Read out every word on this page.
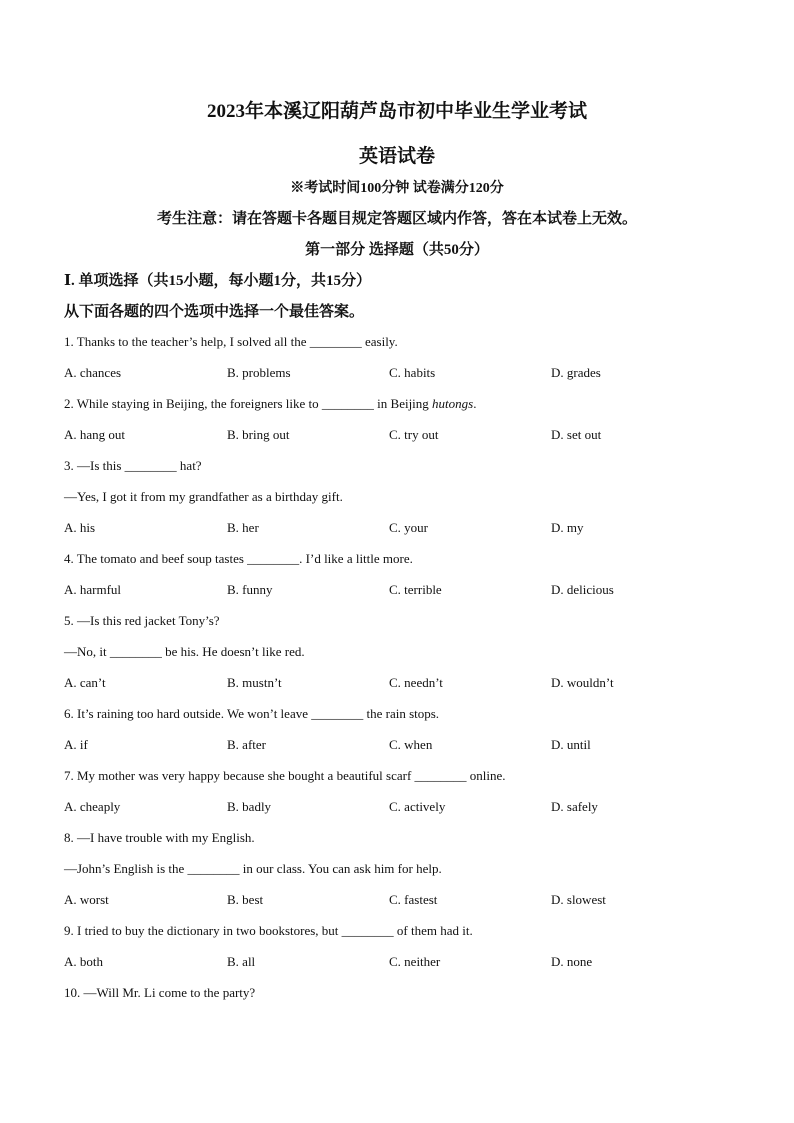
2023年本溪辽阳葫芦岛市初中毕业生学业考试
英语试卷
※考试时间100分钟 试卷满分120分
考生注意：请在答题卡各题目规定答题区域内作答，答在本试卷上无效。
第一部分 选择题（共50分）
Ⅰ. 单项选择（共15小题，每小题1分，共15分）
从下面各题的四个选项中选择一个最佳答案。
1. Thanks to the teacher’s help, I solved all the ________ easily.
A. chances	B. problems	C. habits	D. grades
2. While staying in Beijing, the foreigners like to ________ in Beijing hutongs.
A. hang out	B. bring out	C. try out	D. set out
3. —Is this ________ hat?
—Yes, I got it from my grandfather as a birthday gift.
A. his	B. her	C. your	D. my
4. The tomato and beef soup tastes ________. I’d like a little more.
A. harmful	B. funny	C. terrible	D. delicious
5. —Is this red jacket Tony’s?
—No, it ________ be his. He doesn’t like red.
A. can’t	B. mustn’t	C. needn’t	D. wouldn’t
6. It’s raining too hard outside. We won’t leave ________ the rain stops.
A. if	B. after	C. when	D. until
7. My mother was very happy because she bought a beautiful scarf ________ online.
A. cheaply	B. badly	C. actively	D. safely
8. —I have trouble with my English.
—John’s English is the ________ in our class. You can ask him for help.
A. worst	B. best	C. fastest	D. slowest
9. I tried to buy the dictionary in two bookstores, but ________ of them had it.
A. both	B. all	C. neither	D. none
10. —Will Mr. Li come to the party?
